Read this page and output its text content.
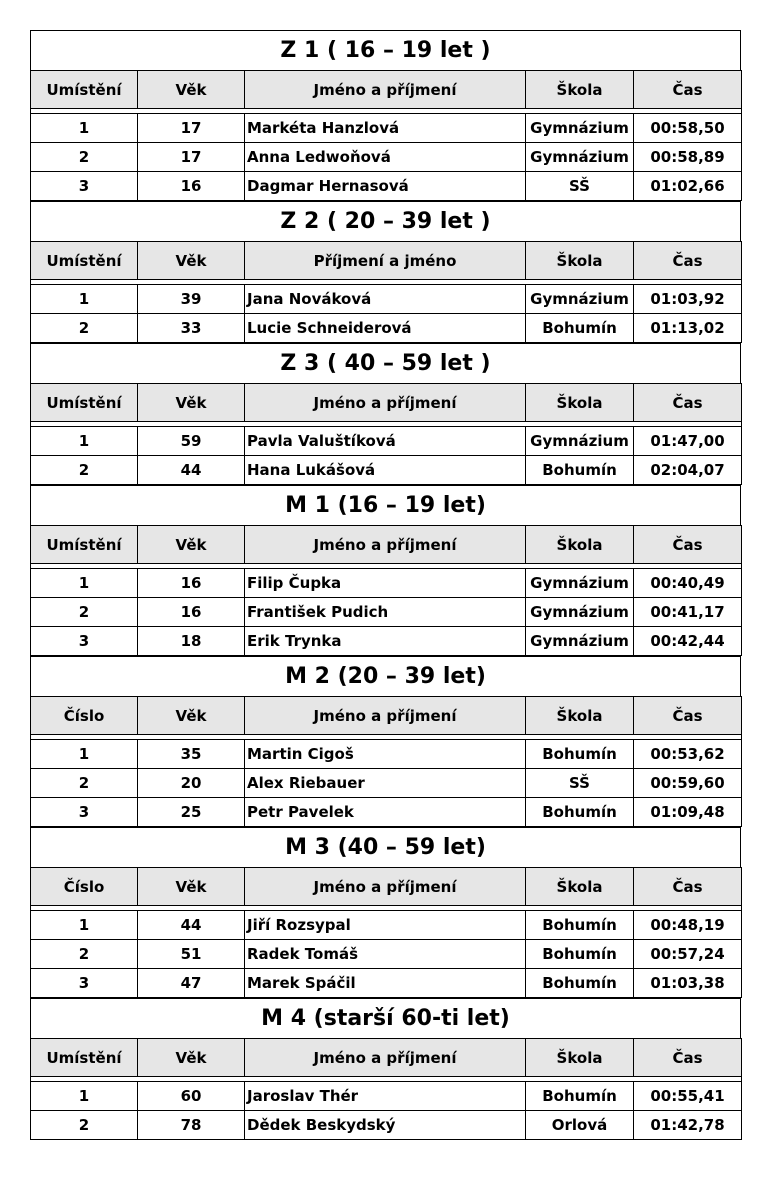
Z 1 ( 16 – 19 let )
Umístění	Věk	Jméno a příjmení	Škola	Čas

1	17	Markéta Hanzlová	Gymnázium	00:58,50
2	17	Anna Ledwoňová	Gymnázium	00:58,89
3	16	Dagmar Hernasová	SŠ	01:02,66
Z 2 ( 20 – 39 let )
Umístění	Věk	Příjmení a jméno	Škola	Čas

1	39	Jana Nováková	Gymnázium	01:03,92
2	33	Lucie Schneiderová	Bohumín	01:13,02
Z 3 ( 40 – 59 let )
Umístění	Věk	Jméno a příjmení	Škola	Čas

1	59	Pavla Valuštíková	Gymnázium	01:47,00
2	44	Hana Lukášová	Bohumín	02:04,07
M 1 (16 – 19 let)
Umístění	Věk	Jméno a příjmení	Škola	Čas

1	16	Filip Čupka	Gymnázium	00:40,49
2	16	František Pudich	Gymnázium	00:41,17
3	18	Erik Trynka	Gymnázium	00:42,44
M 2 (20 – 39 let)
Číslo	Věk	Jméno a příjmení	Škola	Čas

1	35	Martin Cigoš	Bohumín	00:53,62
2	20	Alex Riebauer	SŠ	00:59,60
3	25	Petr Pavelek	Bohumín	01:09,48
M 3 (40 – 59 let)
Číslo	Věk	Jméno a příjmení	Škola	Čas

1	44	Jiří Rozsypal	Bohumín	00:48,19
2	51	Radek Tomáš	Bohumín	00:57,24
3	47	Marek Spáčil	Bohumín	01:03,38
M 4 (starší 60-ti let)
Umístění	Věk	Jméno a příjmení	Škola	Čas

1	60	Jaroslav Thér	Bohumín	00:55,41
2	78	Dědek Beskydský	Orlová	01:42,78
